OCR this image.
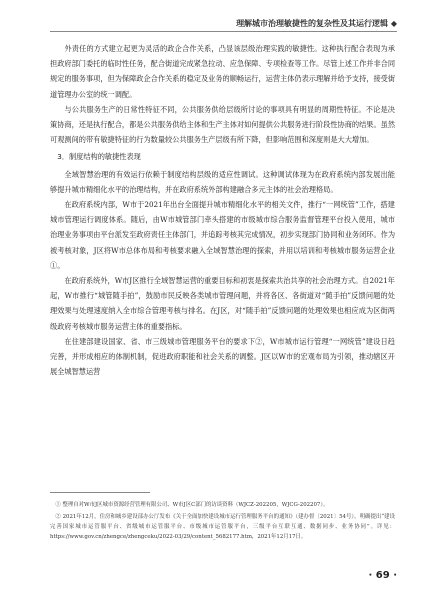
理解城市治理敏捷性的复杂性及其运行逻辑 ◆

外责任的方式建立起更为灵活的政企合作关系，凸显该层级治理实践的敏捷性。这种执行配合表现为承担政府部门委托的临时性任务，配合街道完成紧急拉动、应急保障、专项检查等工作。尽管上述工作并非合同规定的服务事项，但为保障政企合作关系的稳定及业务的顺畅运行，运营主体仍表示理解并给予支持，接受街道管理办公室的统一调配。

与公共服务生产的日常性特征不同，公共服务供给层级所讨论的事项具有明显的周期性特征。不论是决策协商，还是执行配合，都是公共服务供给主体和生产主体对如何提供公共服务进行阶段性协商的结果。虽然可观测间的带有敏捷特征的行为数量较公共服务生产层级有所下降，但影响范围和深度则是大大增加。

3．制度结构的敏捷性表现

全域智慧治理的有效运行依赖于制度结构层级的适应性调试。这种调试体现为在政府系统内部发展出能够提升城市精细化水平的治理结构，并在政府系统外部构建融合多元主体的社会治理格局。

在政府系统内部，W市于2021年出台全面提升城市精细化水平的相关文件，推行“一网统管”工作，搭建城市管理运行调度体系。随后，由W市城管部门牵头搭建的市级城市综合服务监督管理平台投入使用，城市治理业务事项由平台派发至政府责任主体部门，并追踪考核其完成情况，初步实现部门协同和业务闭环。作为被考核对象，J区将W市总体布局和考核要求融入全域智慧治理的探索，并用以培训和考核城市服务运营企业①。

在政府系统外，W市J区推行全域智慧运营的重要目标和初衷是探索共治共享的社会治理方式。自2021年起，W市推行“城管随手拍”，鼓励市民反映各类城市管理问题，并将各区、各街道对“随手拍”反馈问题的处理效果与处理速度纳入全市综合管理考核与排名。在J区，对“随手拍”反馈问题的处理效果也相应成为区街两级政府考核城市服务运营主体的重要指标。

在住建部建设国家、省、市三级城市管理服务平台的要求下②，W市城市运行管理“一网统管”建设日趋完善，并形成相应的体制机制，促进政府职能和社会关系的调整。J区以W市的宏观布局为引领，推动辖区开展全城智慧运营

① 整理自对W市J区城市资源经营管理有限公司、W市J区C部门的访谈资料（WJCZ-202205，WJCG-202207）。

② 2021年12月，住房和城乡建设部办公厅发布《关于全面加快建设城市运行管理服务平台的通知》（建办督〔2021〕54号），明确提出“建设完善国家城市运管服平台、省级城市运管服平台、市级城市运管服平台，三级平台互联互通、数据同步、业务协同”。详见：https://www.gov.cn/zhengce/zhengceku/2022-03/29/content_5682177.htm，2021年12月17日。

· 69 ·
